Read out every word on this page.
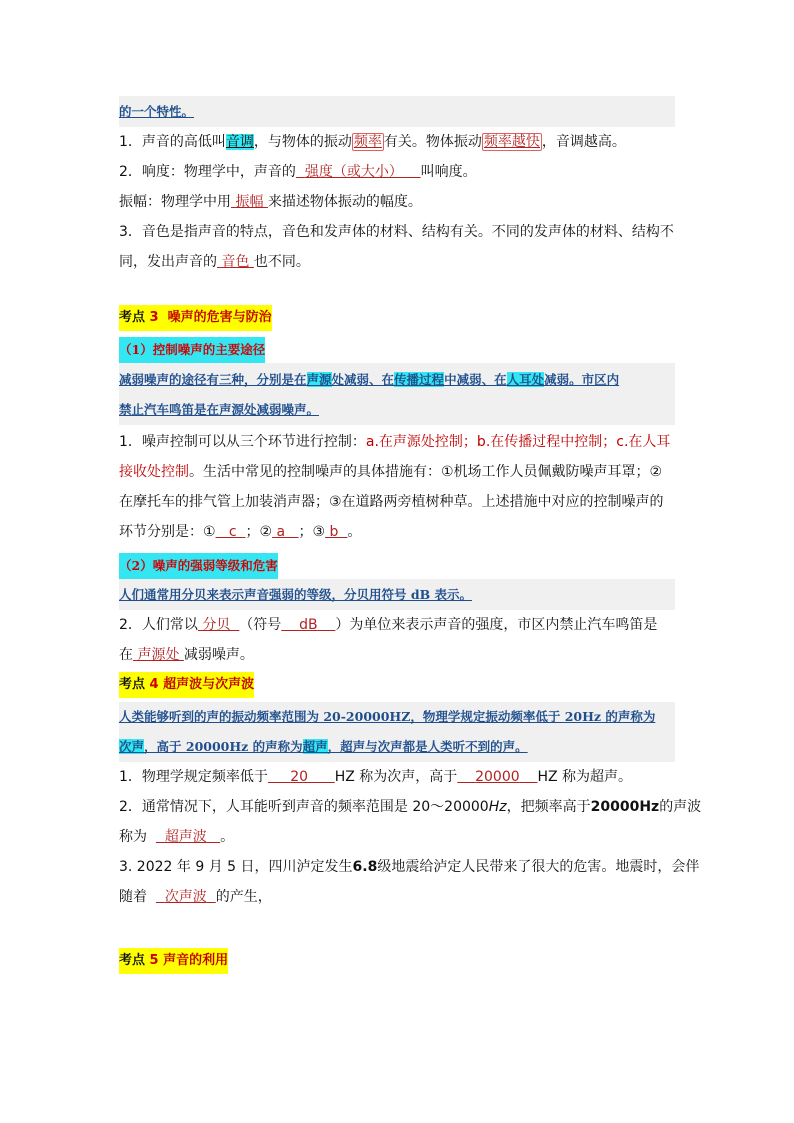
的一个特性。
1．声音的高低叫音调，与物体的振动 频率 有关。物体振动 频率越快 ，音调越高。
2．响度：物理学中，声音的 强度（或大小） 叫响度。
振幅：物理学中用 振幅 来描述物体振动的幅度。
3．音色是指声音的特点，音色和发声体的材料、结构有关。不同的发声体的材料、结构不
同，发出声音的 音色 也不同。
考点 3 噪声的危害与防治
（1）控制噪声的主要途径
减弱噪声的途径有三种，分别是在声源处减弱、在传播过程中减弱、在人耳处减弱。市区内
禁止汽车鸣笛是在声源处减弱噪声。
1．噪声控制可以从三个环节进行控制：a.在声源处控制；b.在传播过程中控制；c.在人耳
接收处控制。生活中常见的控制噪声的具体措施有：①机场工作人员佩戴防噪声耳罩；②
在摩托车的排气管上加装消声器；③在道路两旁植树种草。上述措施中对应的控制噪声的
环节分别是：① c ；② a ；③ b 。
（2）噪声的强弱等级和危害
人们通常用分贝来表示声音强弱的等级，分贝用符号 dB 表示。
2．人们常以 分贝 （符号 dB ）为单位来表示声音的强度，市区内禁止汽车鸣笛是
在 声源处 减弱噪声。
考点 4 超声波与次声波
人类能够听到的声的振动频率范围为 20-20000HZ，物理学规定振动频率低于 20Hz 的声称为
次声，高于 20000Hz 的声称为超声，超声与次声都是人类听不到的声。
1．物理学规定频率低于 20 HZ 称为次声，高于 20000 HZ 称为超声。
2．通常情况下，人耳能听到声音的频率范围是 20～20000Hz，把频率高于20000Hz的声波
称为 超声波 。
3. 2022 年 9 月 5 日，四川泸定发生6.8级地震给泸定人民带来了很大的危害。地震时，会伴
随着 次声波 的产生，
考点 5 声音的利用
